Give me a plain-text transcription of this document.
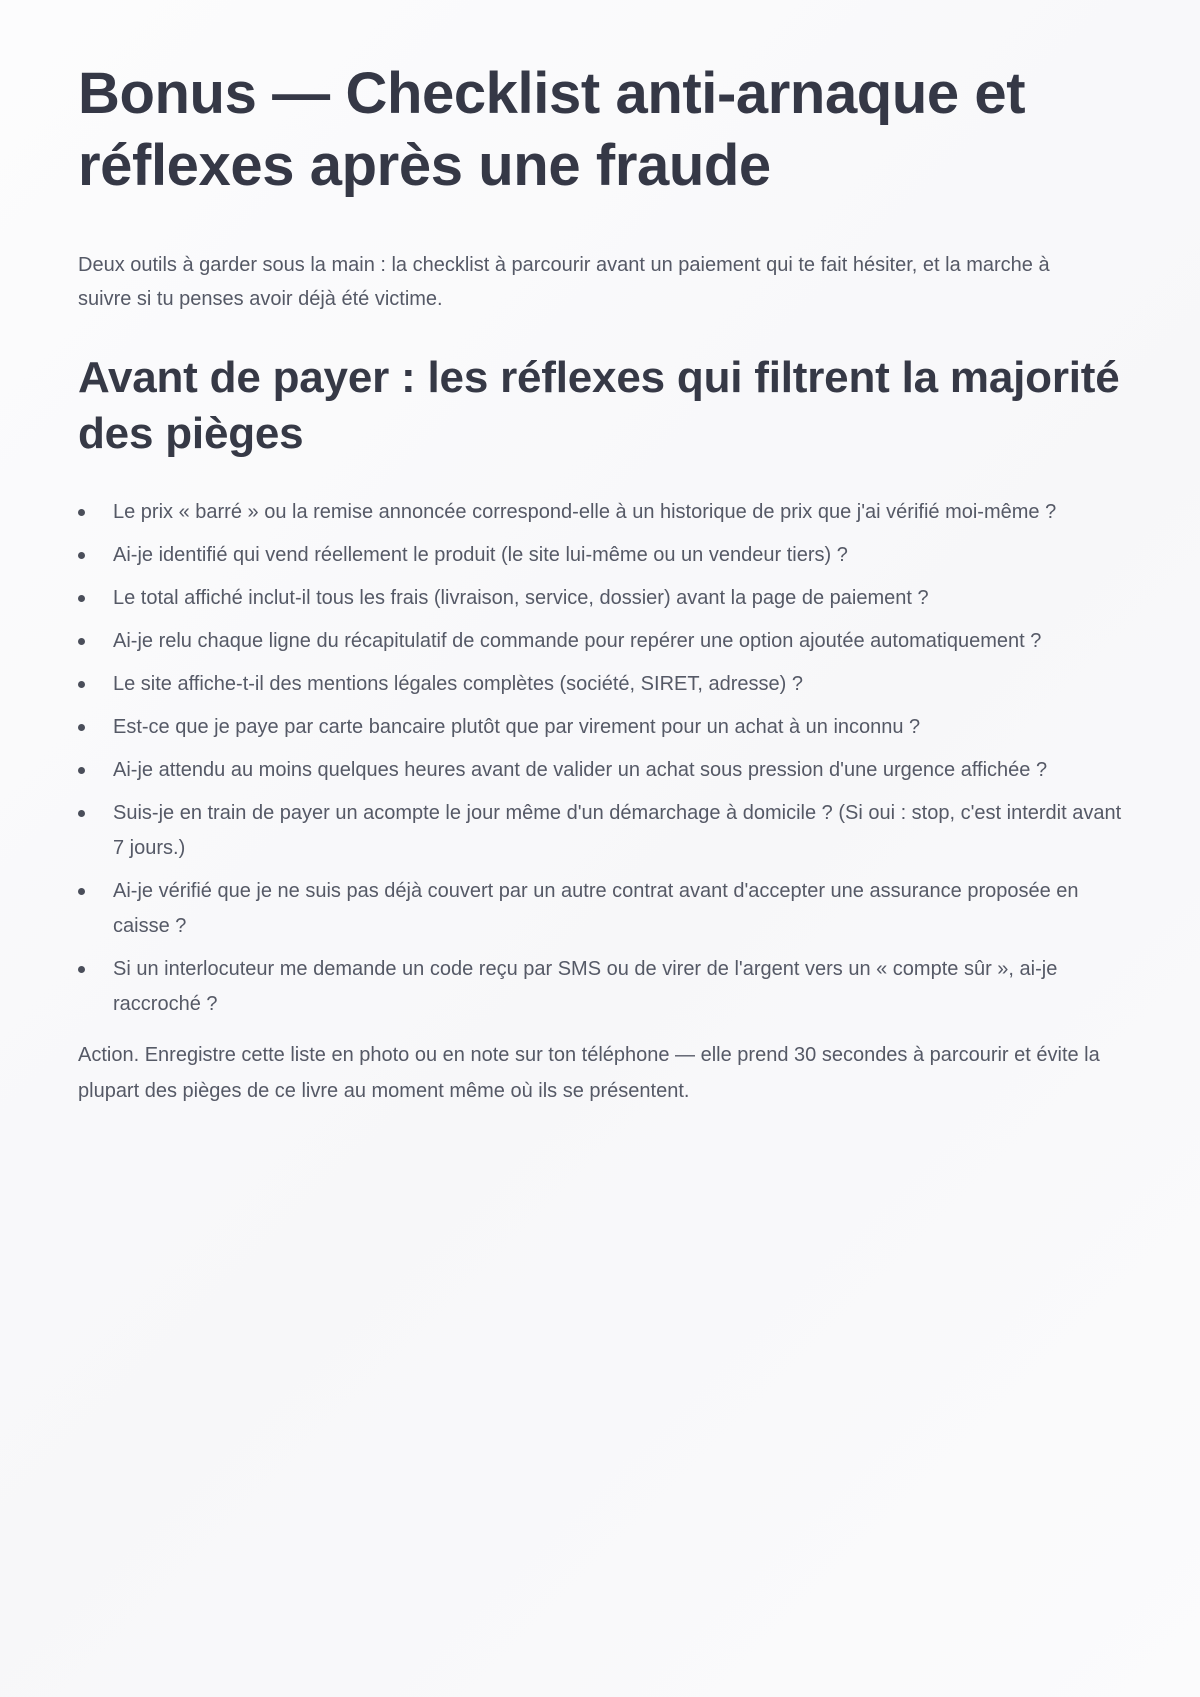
Bonus — Checklist anti-arnaque et réflexes après une fraude

Deux outils à garder sous la main : la checklist à parcourir avant un paiement qui te fait hésiter, et la marche à suivre si tu penses avoir déjà été victime.

Avant de payer : les réflexes qui filtrent la majorité des pièges
Le prix « barré » ou la remise annoncée correspond-elle à un historique de prix que j'ai vérifié moi-même ?
Ai-je identifié qui vend réellement le produit (le site lui-même ou un vendeur tiers) ?
Le total affiché inclut-il tous les frais (livraison, service, dossier) avant la page de paiement ?
Ai-je relu chaque ligne du récapitulatif de commande pour repérer une option ajoutée automatiquement ?
Le site affiche-t-il des mentions légales complètes (société, SIRET, adresse) ?
Est-ce que je paye par carte bancaire plutôt que par virement pour un achat à un inconnu ?
Ai-je attendu au moins quelques heures avant de valider un achat sous pression d'une urgence affichée ?
Suis-je en train de payer un acompte le jour même d'un démarchage à domicile ? (Si oui : stop, c'est interdit avant 7 jours.)
Ai-je vérifié que je ne suis pas déjà couvert par un autre contrat avant d'accepter une assurance proposée en caisse ?
Si un interlocuteur me demande un code reçu par SMS ou de virer de l'argent vers un « compte sûr », ai-je raccroché ?

Action. Enregistre cette liste en photo ou en note sur ton téléphone — elle prend 30 secondes à parcourir et évite la plupart des pièges de ce livre au moment même où ils se présentent.
